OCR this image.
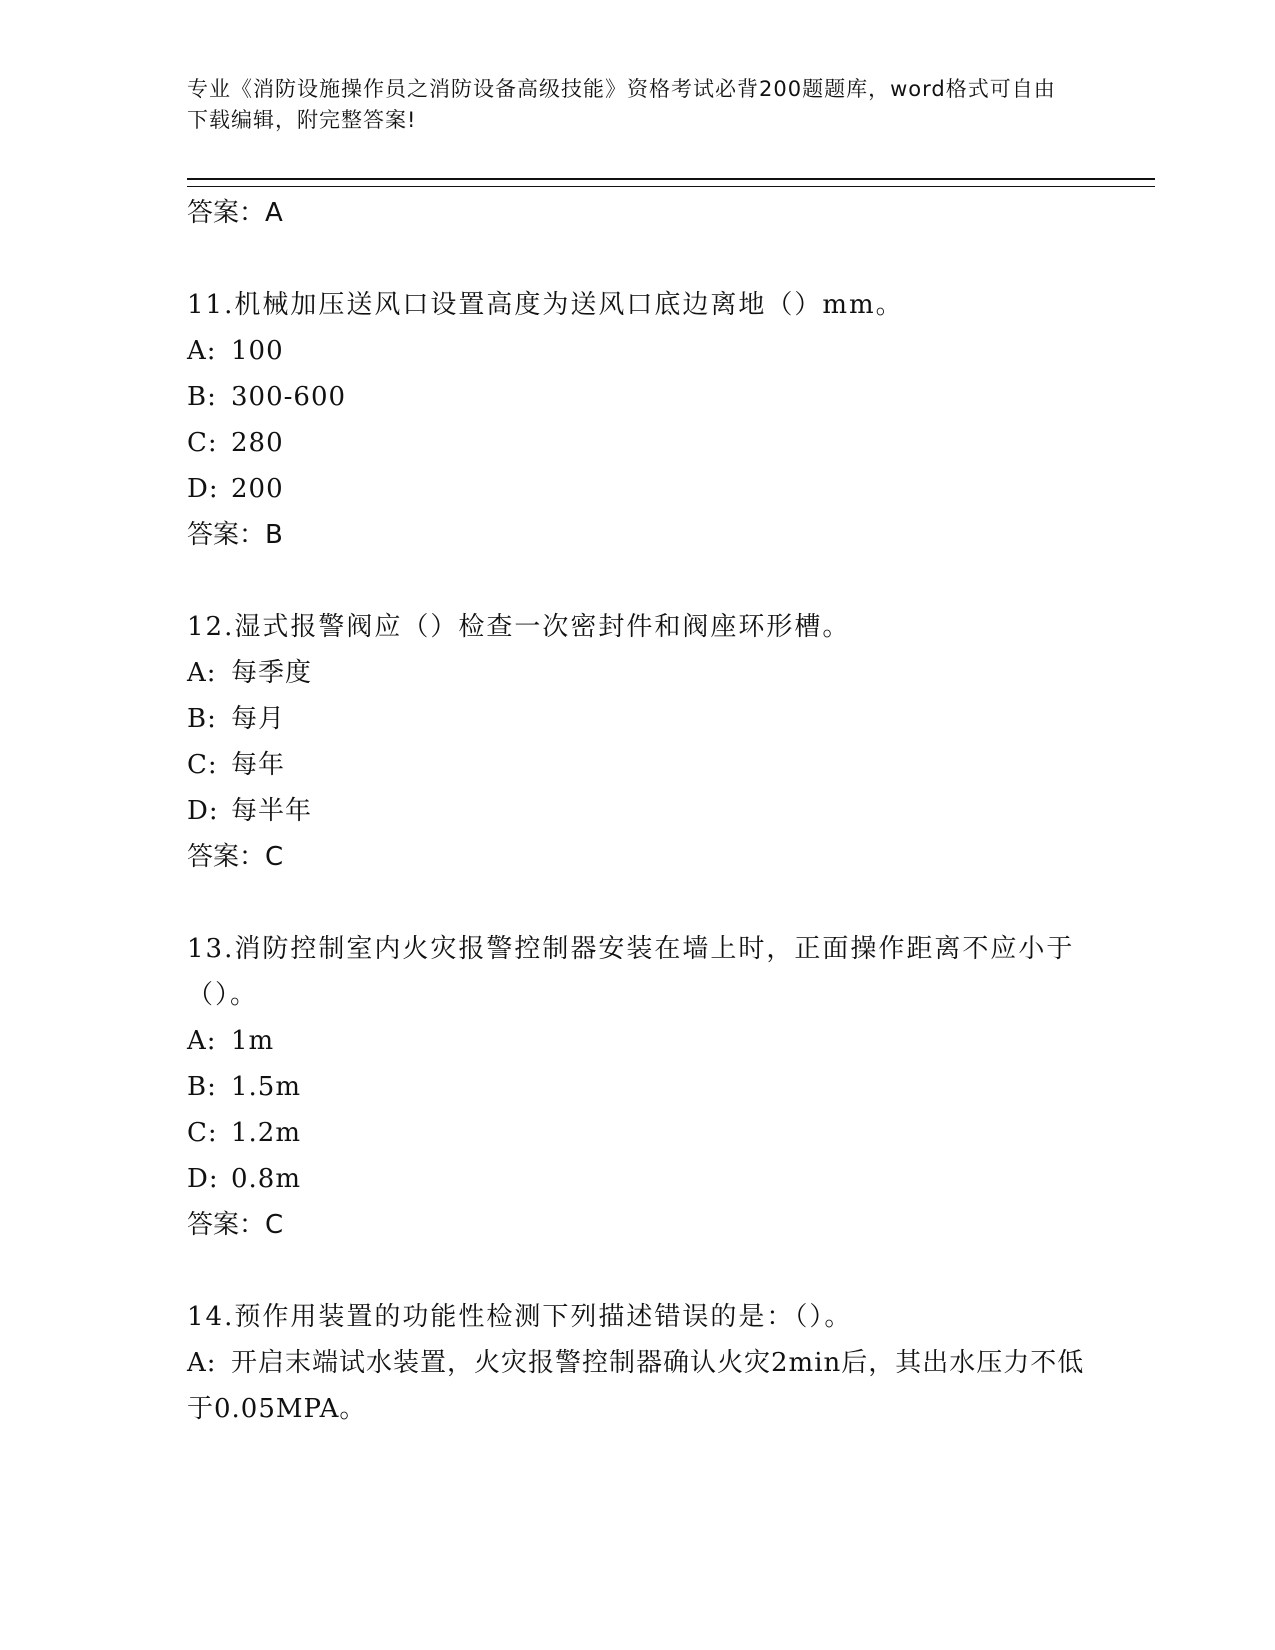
专业《消防设施操作员之消防设备高级技能》资格考试必背200题题库，word格式可自由下载编辑，附完整答案!
答案：A
11.机械加压送风口设置高度为送风口底边离地（）mm。
A: 100
B: 300-600
C: 280
D: 200
答案：B
12.湿式报警阀应（）检查一次密封件和阀座环形槽。
A: 每季度
B: 每月
C: 每年
D: 每半年
答案：C
13.消防控制室内火灾报警控制器安装在墙上时，正面操作距离不应小于（）。
A: 1m
B: 1.5m
C: 1.2m
D: 0.8m
答案：C
14.预作用装置的功能性检测下列描述错误的是：（）。
A: 开启末端试水装置，火灾报警控制器确认火灾2min后，其出水压力不低于0.05MPA。
